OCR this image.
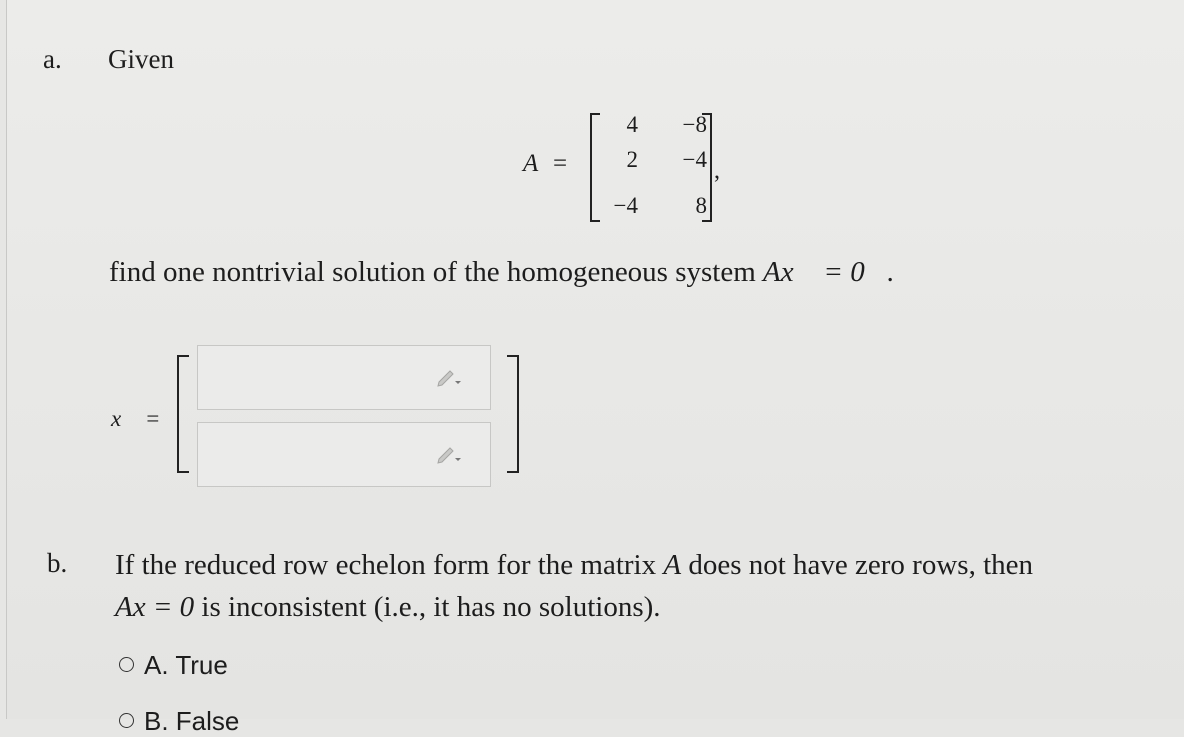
a. Given
A =
4	−8
2	−4
−4	8
,
find one nontrivial solution of the homogeneous system Ax⃗ = 0⃗.
x⃗ =
b. If the reduced row echelon form for the matrix A does not have zero rows, then
Ax = 0 is inconsistent (i.e., it has no solutions).
A. True
B. False
